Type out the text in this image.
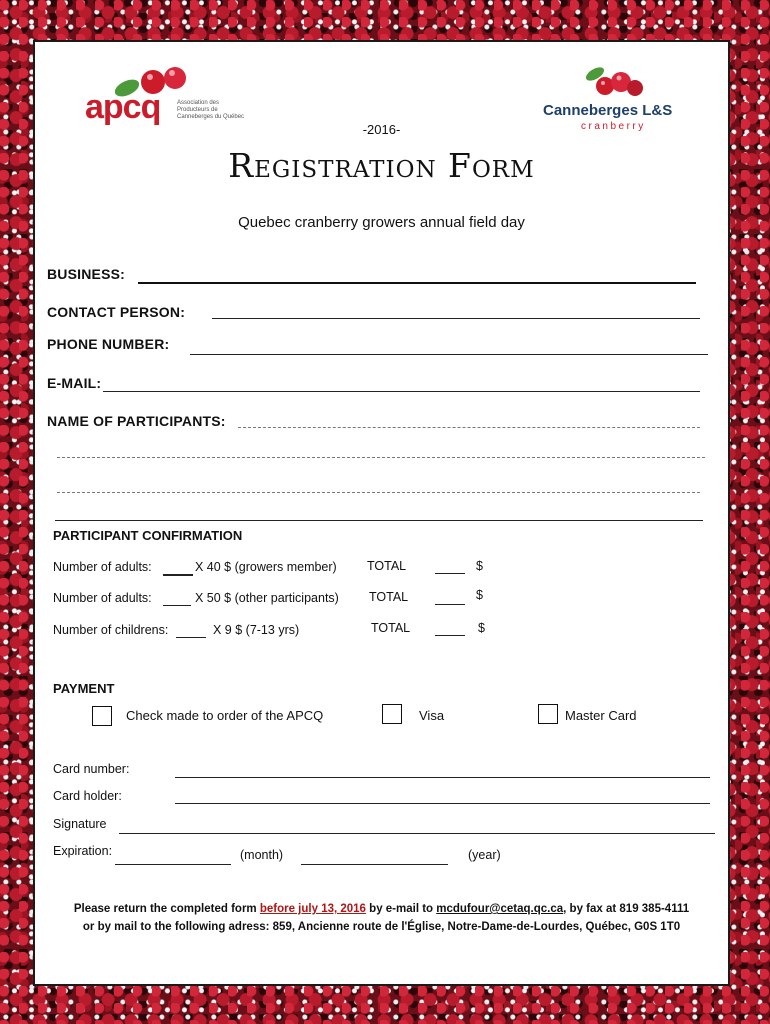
apcq	Association des Producteurs de Canneberges du Québec	Canneberges L&S
cranberry
-2016-
Registration Form
Quebec cranberry growers annual field day
BUSINESS:
CONTACT PERSON:
PHONE NUMBER:
E-MAIL:
NAME OF PARTICIPANTS:
PARTICIPANT CONFIRMATION
Number of adults:	X 40 $ (growers member) TOTAL	$
Number of adults:	X 50 $ (other participants) TOTAL	$
Number of childrens:	X 9 $ (7-13 yrs)	TOTAL	$
PAYMENT
Check made to order of the APCQ	Visa	Master Card
Card number:
Card holder:
Signature
Expiration:	(month)	(year)
Please return the completed form before july 13, 2016 by e-mail to mcdufour@cetaq.qc.ca, by fax at 819 385-4111
or by mail to the following adress: 859, Ancienne route de l'Église, Notre-Dame-de-Lourdes, Québec, G0S 1T0
